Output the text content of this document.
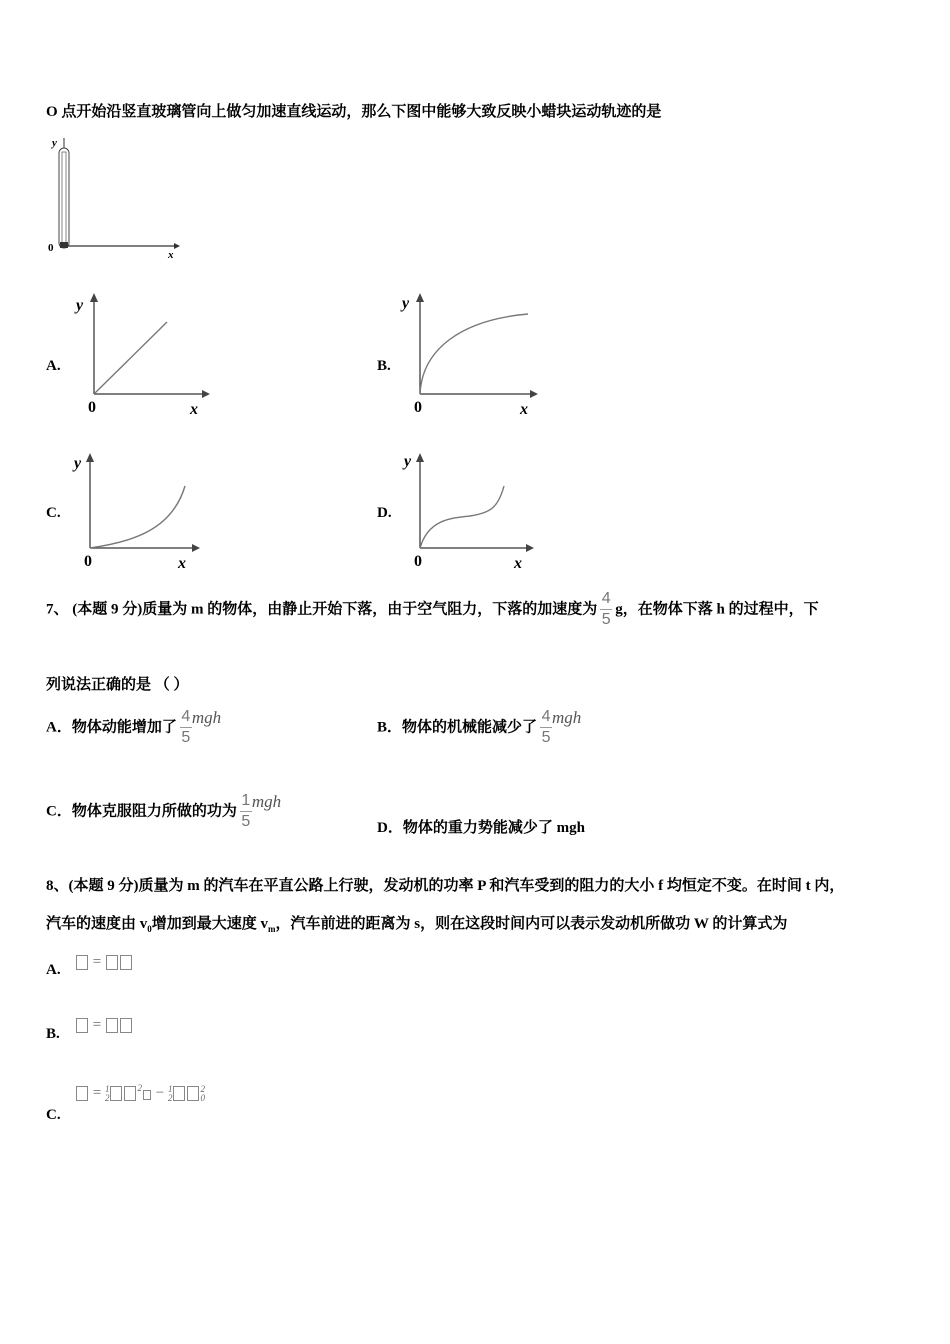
O 点开始沿竖直玻璃管向上做匀加速直线运动，那么下图中能够大致反映小蜡块运动轨迹的是
y
0
x
A.
y
0	x
B.
y
0	x
C.
y
0	x
D.
y
0	x
7、 (本题 9 分)质量为 m 的物体，由静止开始下落，由于空气阻力，下落的加速度为 $\frac{4}{5}$ g，在物体下落 h 的过程中，下
列说法正确的是 （ ）
A．物体动能增加了 $\frac{4}{5}$ mgh
B．物体的机械能减少了 $\frac{4}{5}$ mgh
C．物体克服阻力所做的功为 $\frac{1}{5}$ mgh
D．物体的重力势能减少了 mgh
8、(本题 9 分)质量为 m 的汽车在平直公路上行驶，发动机的功率 P 和汽车受到的阻力的大小 f 均恒定不变。在时间 t 内，
汽车的速度由 $v_0$增加到最大速度 $v_m$，汽车前进的距离为 s，则在这段时间内可以表示发动机所做功 W 的计算式为
A.	=
B.
=
C.
= 1
2
$^2$ − 1
2
2
0
